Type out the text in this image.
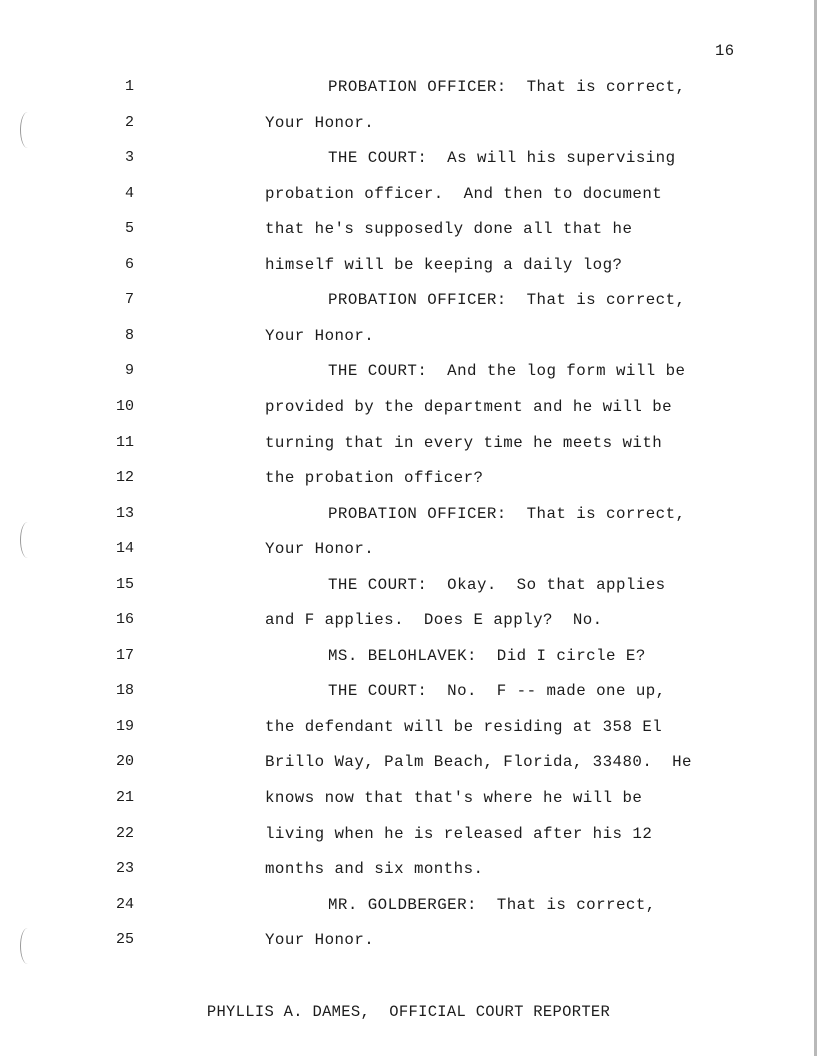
16
1	PROBATION OFFICER:  That is correct,
2	Your Honor.
3	THE COURT:  As will his supervising
4	probation officer.  And then to document
5	that he's supposedly done all that he
6	himself will be keeping a daily log?
7	PROBATION OFFICER:  That is correct,
8	Your Honor.
9	THE COURT:  And the log form will be
10	provided by the department and he will be
11	turning that in every time he meets with
12	the probation officer?
13	PROBATION OFFICER:  That is correct,
14	Your Honor.
15	THE COURT:  Okay.  So that applies
16	and F applies.  Does E apply?  No.
17	MS. BELOHLAVEK:  Did I circle E?
18	THE COURT:  No.  F -- made one up,
19	the defendant will be residing at 358 El
20	Brillo Way, Palm Beach, Florida, 33480.  He
21	knows now that that's where he will be
22	living when he is released after his 12
23	months and six months.
24	MR. GOLDBERGER:  That is correct,
25	Your Honor.
PHYLLIS A. DAMES,  OFFICIAL COURT REPORTER
